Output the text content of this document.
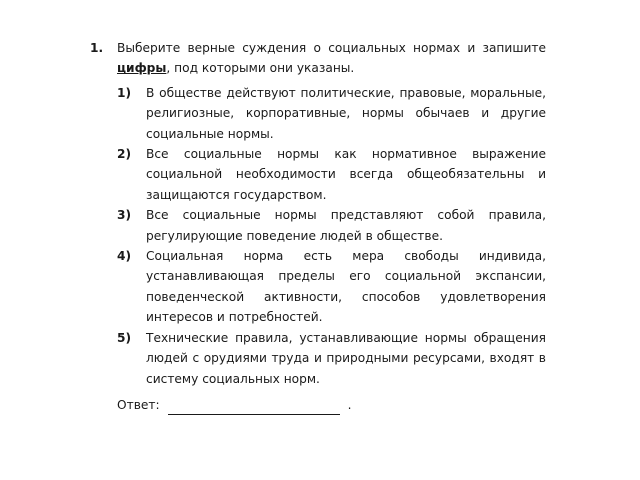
1.	Выберите верные суждения о социальных нормах и запишите цифры, под которыми они указаны.
1)	В обществе действуют политические, правовые, моральные, религиозные, корпоративные, нормы обычаев и другие социальные нормы.
2)	Все социальные нормы как нормативное выражение социальной необходимости всегда общеобязательны и защищаются государством.
3)	Все социальные нормы представляют собой правила, регулирующие поведение людей в обществе.
4)	Социальная норма есть мера свободы индивида, устанавливающая пределы его социальной экспансии, поведенческой активности, способов удовлетворения интересов и потребностей.
5)	Технические правила, устанавливающие нормы обращения людей с орудиями труда и природными ресурсами, входят в систему социальных норм.
Ответ:	.
